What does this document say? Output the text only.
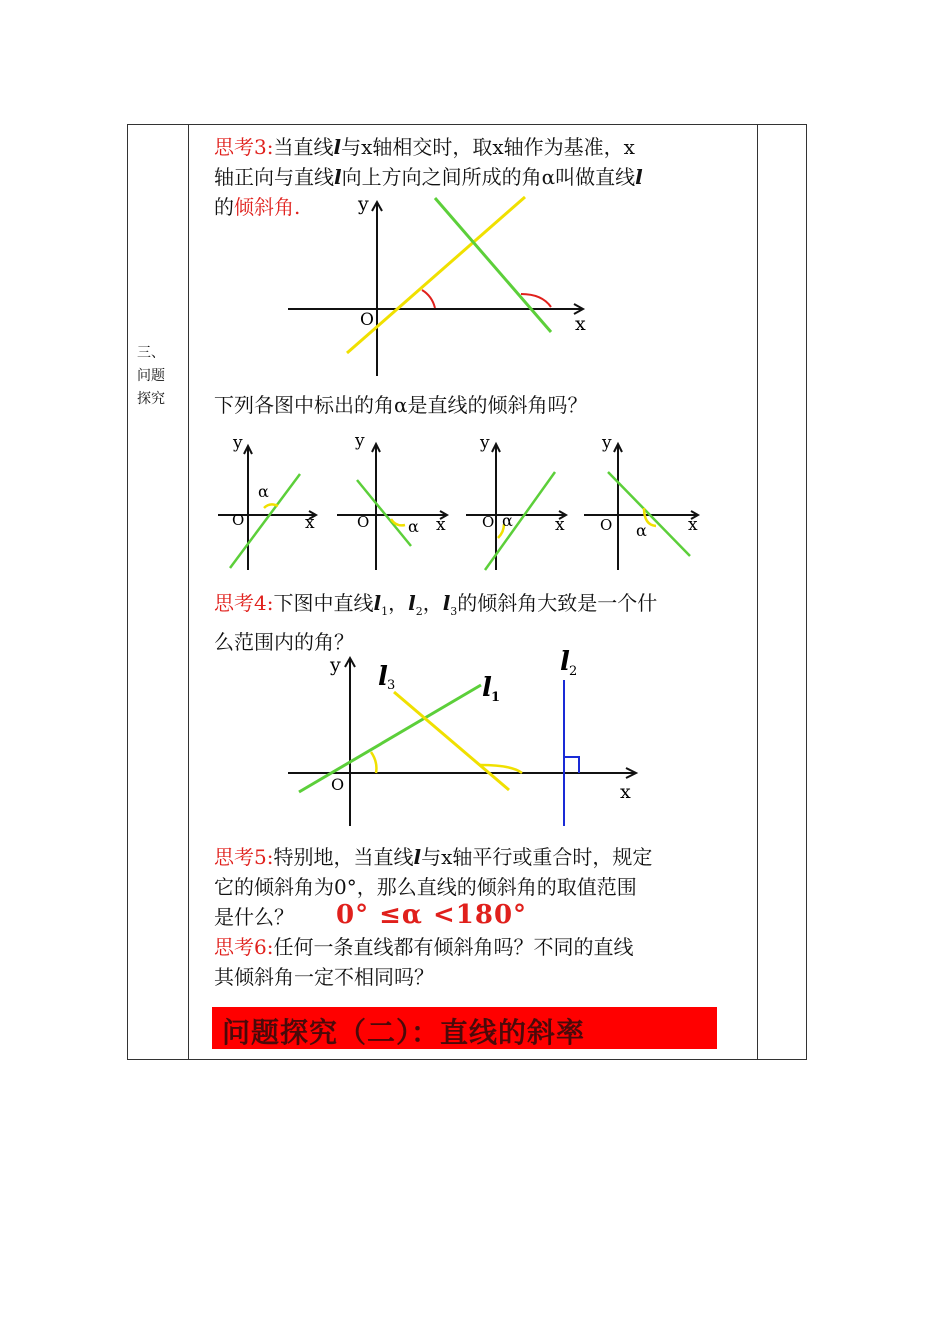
三、
问题
探究
思考3:当直线l与x轴相交时，取x轴作为基准，x
轴正向与直线l向上方向之间所成的角α叫做直线l
的倾斜角.	y
x
O
下列各图中标出的角α是直线的倾斜角吗？
y
x
O
α
y
x
O α
y
x
O α
y
x
O α
思考4:下图中直线$l_1$，$l_2$，$l_3$的倾斜角大致是一个什
么范围内的角？
y
x
O
l 3	l 1
l 2
思考5:特别地，当直线l与x轴平行或重合时，规定
它的倾斜角为0°，那么直线的倾斜角的取值范围
是什么？	0° ≤α <180°
思考6:任何一条直线都有倾斜角吗？不同的直线
其倾斜角一定不相同吗？
问题探究（二）：直线的斜率
